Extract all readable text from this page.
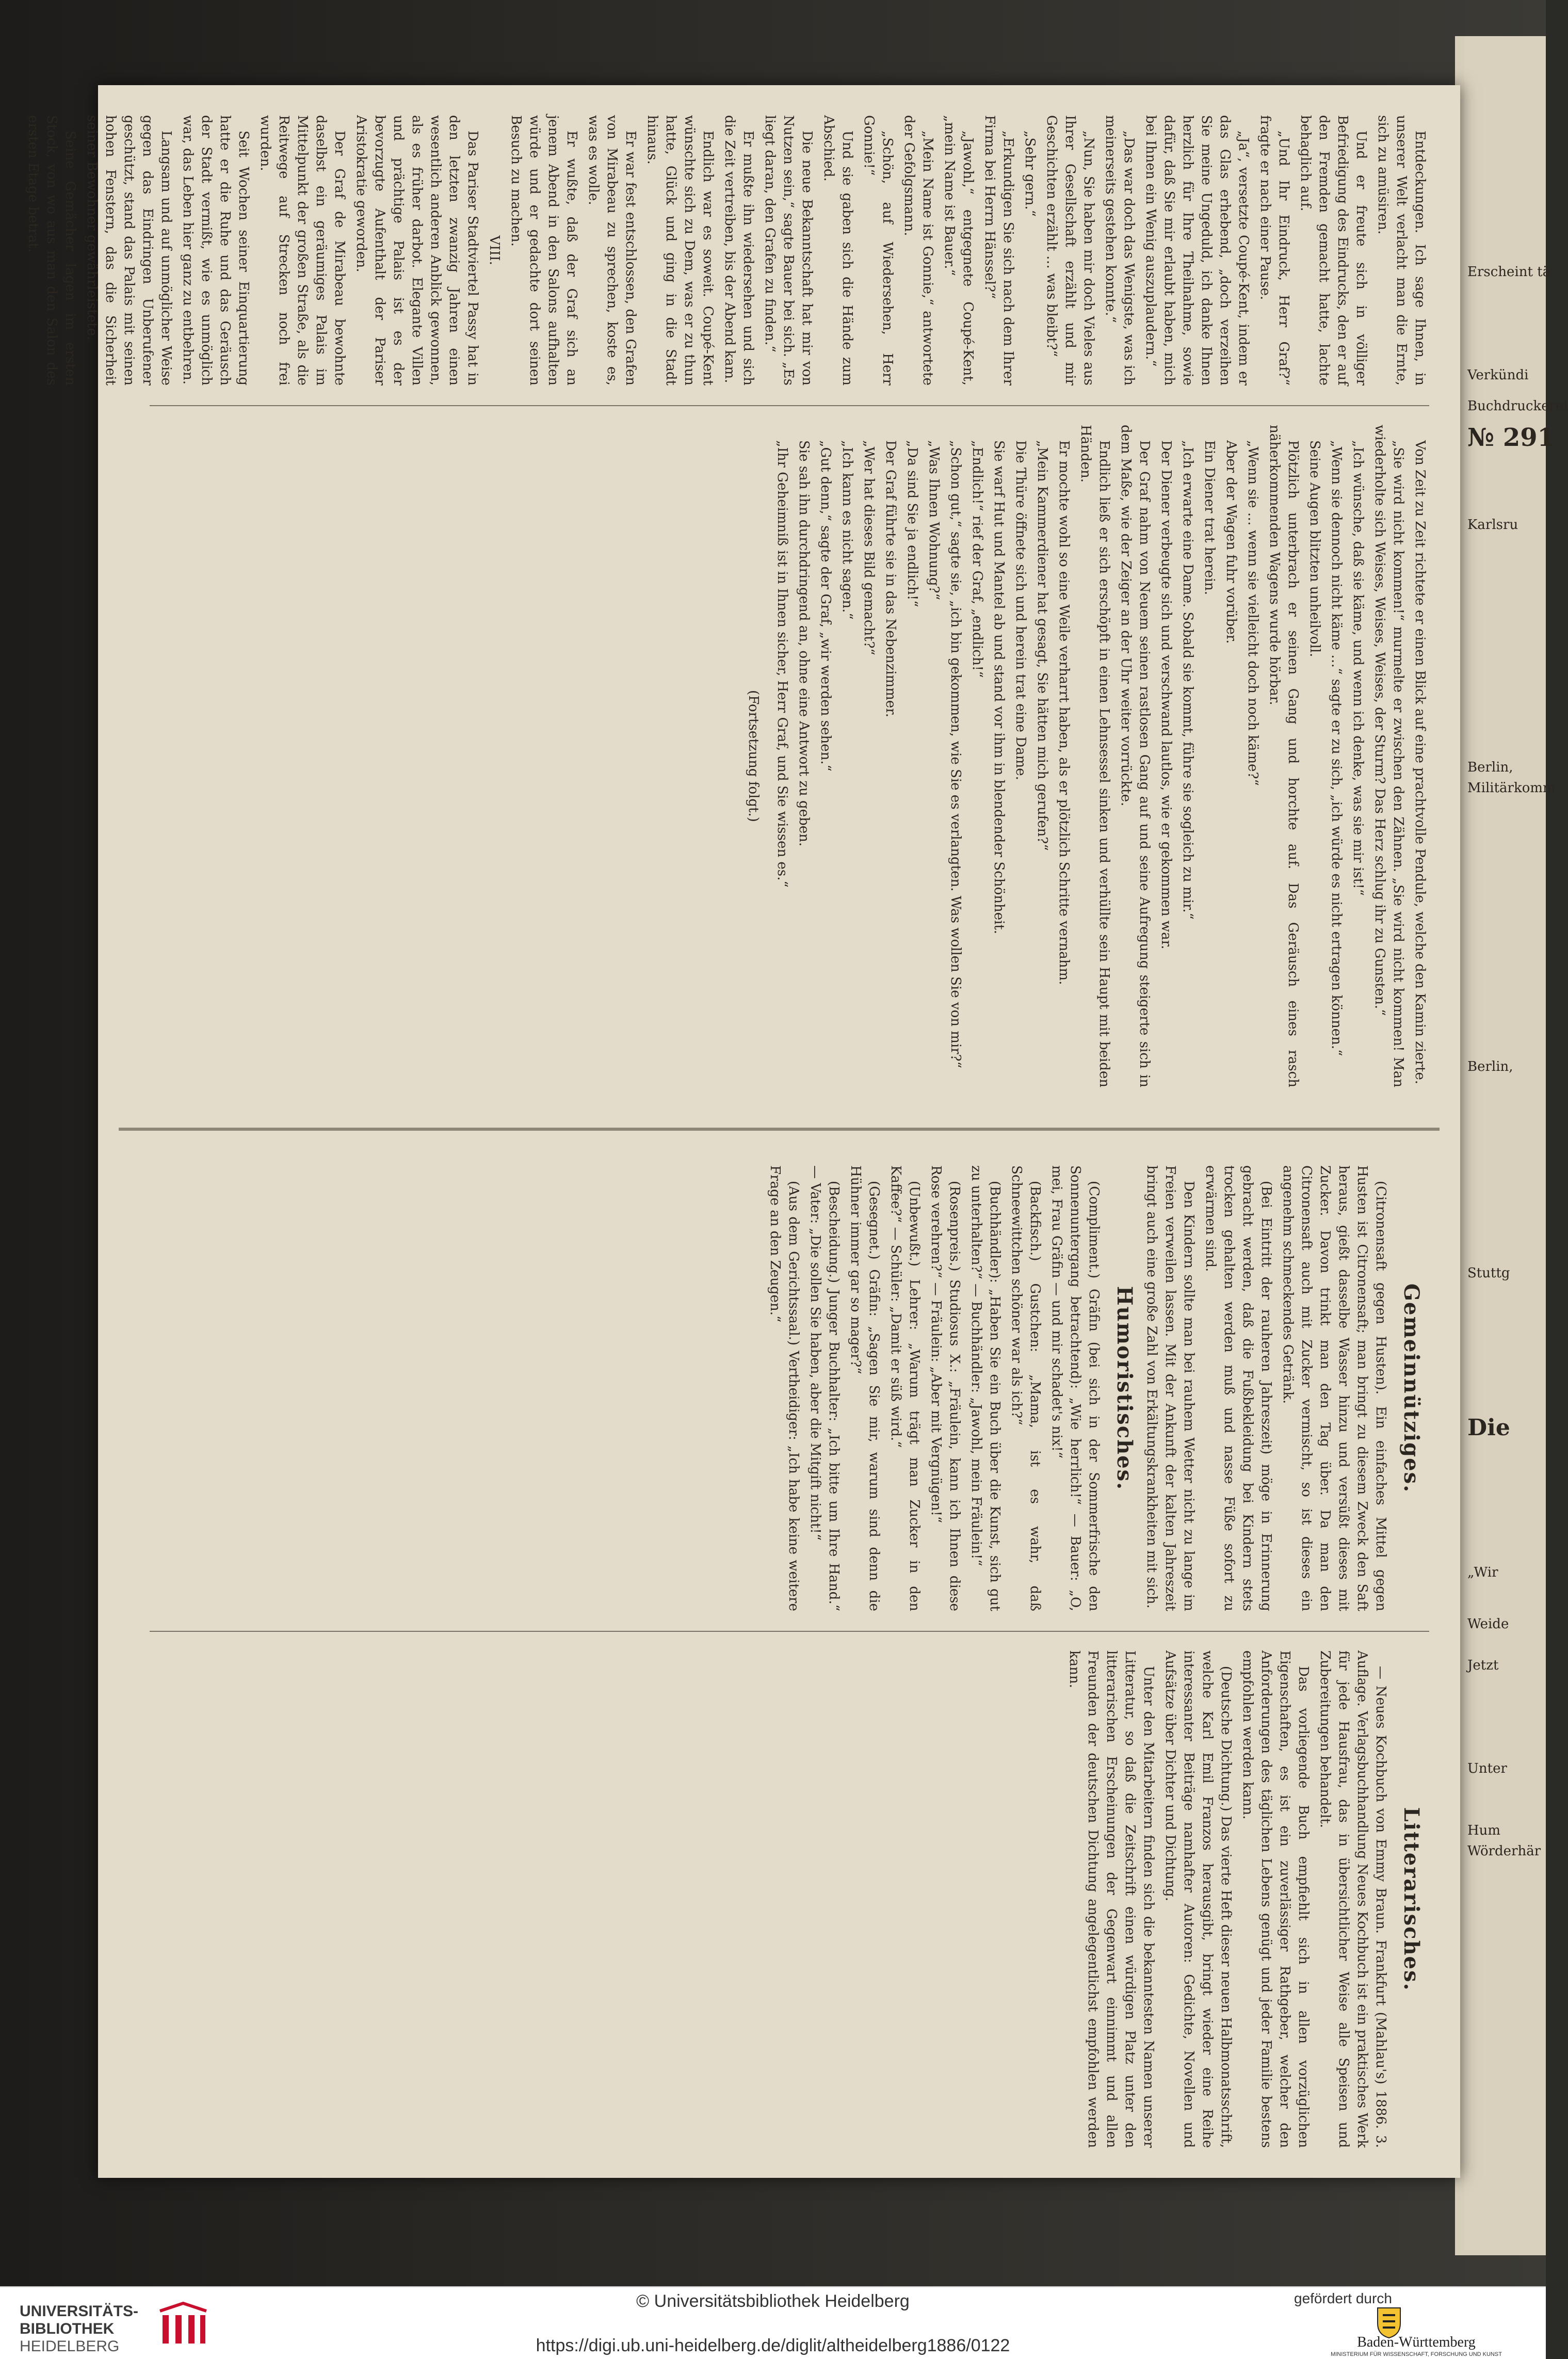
Erscheint tä
Verkündi
Buchdruckerei
№ 291
Karlsru
Berlin,
Militärkomm
Berlin,
Stuttg
Die
„Wir
Weide
Jetzt
Unter
Hum
Wörderhär

Entdeckungen. Ich sage Ihnen, in unserer Welt verlacht man die Ernte, sich zu amüsiren.

Und er freute sich in völliger Befriedigung des Eindrucks, den er auf den Fremden gemacht hatte, lachte behaglich auf.

„Und Ihr Eindruck, Herr Graf?“ fragte er nach einer Pause.

„Ja“, versetzte Coupé-Kent, indem er das Glas erhebend, „doch verzeihen Sie meine Ungeduld, ich danke Ihnen herzlich für Ihre Theilnahme, sowie dafür, daß Sie mir erlaubt haben, mich bei Ihnen ein Wenig auszuplaudern.“

„Das war doch das Wenigste, was ich meinerseits gestehen konnte.“

„Nun, Sie haben mir doch Vieles aus Ihrer Gesellschaft erzählt und mir Geschichten erzählt … was bleibt?“

„Sehr gern.“

„Erkundigen Sie sich nach dem Ihrer Firma bei Herrn Hänssel?“

„Jawohl,“ entgegnete Coupé-Kent, „mein Name ist Bauer.“

„Mein Name ist Gonnie,“ antwortete der Gefolgsmann.

„Schön, auf Wiedersehen, Herr Gonnie!“

Und sie gaben sich die Hände zum Abschied.

Die neue Bekanntschaft hat mir von Nutzen sein,“ sagte Bauer bei sich. „Es liegt daran, den Grafen zu finden.“

Er mußte ihn wiedersehen und sich die Zeit vertreiben, bis der Abend kam.

Endlich war es soweit. Coupé-Kent wünschte sich zu Dem, was er zu thun hatte, Glück und ging in die Stadt hinaus.

Er war fest entschlossen, den Grafen von Mirabeau zu sprechen, koste es, was es wolle.

Er wußte, daß der Graf sich an jenem Abend in den Salons aufhalten würde und er gedachte dort seinen Besuch zu machen.

VIII.

Das Pariser Stadtviertel Passy hat in den letzten zwanzig Jahren einen wesentlich anderen Anblick gewonnen, als es früher darbot. Elegante Villen und prächtige Palais ist es der bevorzugte Aufenthalt der Pariser Aristokratie geworden.

Der Graf de Mirabeau bewohnte daselbst ein geräumiges Palais im Mittelpunkt der großen Straße, als die Reitwege auf Strecken noch frei wurden.

Seit Wochen seiner Einquartierung hatte er die Ruhe und das Geräusch der Stadt vermißt, wie es unmöglich war, das Leben hier ganz zu entbehren.

Langsam und auf unmöglicher Weise gegen das Eindringen Unberufener geschützt, stand das Palais mit seinen hohen Fenstern, das die Sicherheit seiner Bewohner gewährleistete.

Seine Gemächer lagen im ersten Stock, von wo aus man den Salon des ersten Etage betrat.

Von Zeit zu Zeit richtete er einen Blick auf eine prachtvolle Pendule, welche den Kamin zierte.

„Sie wird nicht kommen!“ murmelte er zwischen den Zähnen. „Sie wird nicht kommen! Man wiederholte sich Weises, Weises, Weises, der Sturm? Das Herz schlug ihr zu Gunsten.“

„Ich wünsche, daß sie käme, und wenn ich denke, was sie mir ist!“

„Wenn sie dennoch nicht käme …“ sagte er zu sich, „ich würde es nicht ertragen können.“

Seine Augen blitzten unheilvoll.

Plötzlich unterbrach er seinen Gang und horchte auf. Das Geräusch eines rasch näherkommenden Wagens wurde hörbar.

„Wenn sie … wenn sie vielleicht doch noch käme?“

Aber der Wagen fuhr vorüber.

Ein Diener trat herein.

„Ich erwarte eine Dame. Sobald sie kommt, führe sie sogleich zu mir.“

Der Diener verbeugte sich und verschwand lautlos, wie er gekommen war.

Der Graf nahm von Neuem seinen rastlosen Gang auf und seine Aufregung steigerte sich in dem Maße, wie der Zeiger an der Uhr weiter vorrückte.

Endlich ließ er sich erschöpft in einen Lehnsessel sinken und verhüllte sein Haupt mit beiden Händen.

Er mochte wohl so eine Weile verharrt haben, als er plötzlich Schritte vernahm.

„Mein Kammerdiener hat gesagt, Sie hätten mich gerufen?“

Die Thüre öffnete sich und herein trat eine Dame.

Sie warf Hut und Mantel ab und stand vor ihm in blendender Schönheit.

„Endlich!“ rief der Graf, „endlich!“

„Schon gut,“ sagte sie, „ich bin gekommen, wie Sie es verlangten. Was wollen Sie von mir?“

„Was Ihnen Wohnung?“

„Da sind Sie ja endlich!“

Der Graf führte sie in das Nebenzimmer.

„Wer hat dieses Bild gemacht?“

„Ich kann es nicht sagen.“

„Gut denn,“ sagte der Graf, „wir werden sehen.“

Sie sah ihn durchdringend an, ohne eine Antwort zu geben.

„Ihr Geheimniß ist in Ihnen sicher, Herr Graf, und Sie wissen es.“

(Fortsetzung folgt.)

Gemeinnütziges.

(Citronensaft gegen Husten). Ein einfaches Mittel gegen Husten ist Citronensaft; man bringt zu diesem Zweck den Saft heraus, gießt dasselbe Wasser hinzu und versüßt dieses mit Zucker. Davon trinkt man den Tag über. Da man den Citronensaft auch mit Zucker vermischt, so ist dieses ein angenehm schmeckendes Getränk.

(Bei Eintritt der rauheren Jahreszeit) möge in Erinnerung gebracht werden, daß die Fußbekleidung bei Kindern stets trocken gehalten werden muß und nasse Füße sofort zu erwärmen sind.

Den Kindern sollte man bei rauhem Wetter nicht zu lange im Freien verweilen lassen. Mit der Ankunft der kalten Jahreszeit bringt auch eine große Zahl von Erkältungskrankheiten mit sich.

Humoristisches.

(Compliment.) Gräfin (bei sich in der Sommerfrische den Sonnenuntergang betrachtend): „Wie herrlich!“ — Bauer: „O, mei, Frau Gräfin — und mir schadet's nix!“

(Backfisch.) Gustchen: „Mama, ist es wahr, daß Schneewittchen schöner war als ich?“

(Buchhändler): „Haben Sie ein Buch über die Kunst, sich gut zu unterhalten?“ — Buchhändler: „Jawohl, mein Fräulein!“

(Rosenpreis.) Studiosus X.: „Fräulein, kann ich Ihnen diese Rose verehren?“ — Fräulein: „Aber mit Vergnügen!“

(Unbewußt.) Lehrer: „Warum trägt man Zucker in den Kaffee?“ — Schüler: „Damit er süß wird.“

(Gesegnet.) Gräfin: „Sagen Sie mir, warum sind denn die Hühner immer gar so mager?“

(Bescheidung.) Junger Buchhalter: „Ich bitte um Ihre Hand.“ — Vater: „Die sollen Sie haben, aber die Mitgift nicht!“

(Aus dem Gerichtssaal.) Vertheidiger: „Ich habe keine weitere Frage an den Zeugen.“

Litterarisches.

— Neues Kochbuch von Emmy Braun. Frankfurt (Mahlau's) 1886. 3. Auflage. Verlagsbuchhandlung Neues Kochbuch ist ein praktisches Werk für jede Hausfrau, das in übersichtlicher Weise alle Speisen und Zubereitungen behandelt.

Das vorliegende Buch empfiehlt sich in allen vorzüglichen Eigenschaften, es ist ein zuverlässiger Rathgeber, welcher den Anforderungen des täglichen Lebens genügt und jeder Familie bestens empfohlen werden kann.

(Deutsche Dichtung.) Das vierte Heft dieser neuen Halbmonatsschrift, welche Karl Emil Franzos herausgibt, bringt wieder eine Reihe interessanter Beiträge namhafter Autoren: Gedichte, Novellen und Aufsätze über Dichter und Dichtung.

Unter den Mitarbeitern finden sich die bekanntesten Namen unserer Litteratur, so daß die Zeitschrift einen würdigen Platz unter den litterarischen Erscheinungen der Gegenwart einnimmt und allen Freunden der deutschen Dichtung angelegentlichst empfohlen werden kann.

UNIVERSITÄTS-
BIBLIOTHEK
HEIDELBERG
© Universitätsbibliothek Heidelberg
https://digi.ub.uni-heidelberg.de/diglit/altheidelberg1886/0122
gefördert durch
Baden-Württemberg
MINISTERIUM FÜR WISSENSCHAFT, FORSCHUNG UND KUNST
